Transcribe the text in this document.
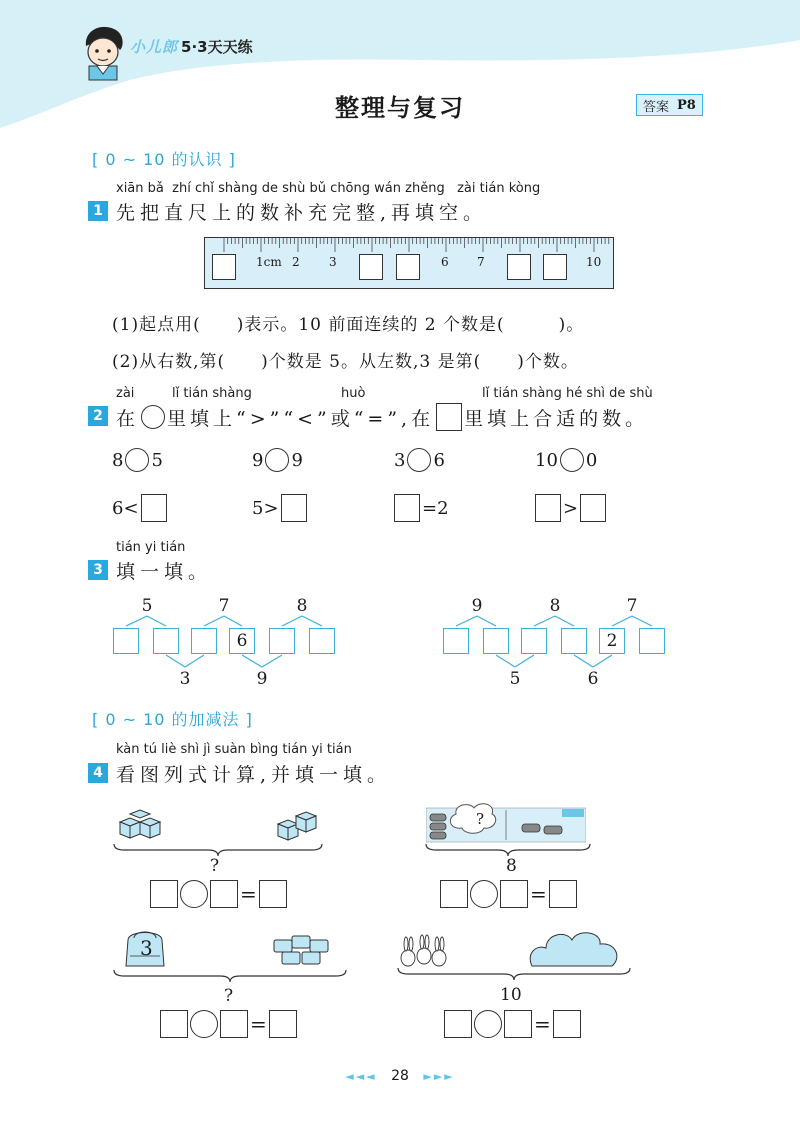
小儿郎 5·3天天练
整理与复习	答案 P8
[ 0 ~ 10 的认识 ]
xiān bǎ zhí chǐ shàng de shù bǔ chōng wán zhěng zài tián kòng
1 先把直尺上的数补充完整,再填空。
1cm 2 3	6 7	10
(1)起点用(　　)表示。10 前面连续的 2 个数是(　　　)。
(2)从右数,第(　　)个数是 5。从左数,3 是第(　　)个数。
zài	lǐ tián shàng	huò	lǐ tián shàng hé shì de shù
2 在 里填上“>”“<”或“=”,在 里填上合适的数。
8 5	9 9	3 6	10 0
6<	5>	=2	>
tián yi tián
3 填一填。
5	7	8
6
3	9
9	8	7
2
5	6
[ 0 ~ 10 的加减法 ]
kàn tú liè shì jì suàn bìng tián yi tián
4 看图列式计算,并填一填。
?
=
?
8
=
3
?
=
10
=
◄◄◄ 28 ►►►
